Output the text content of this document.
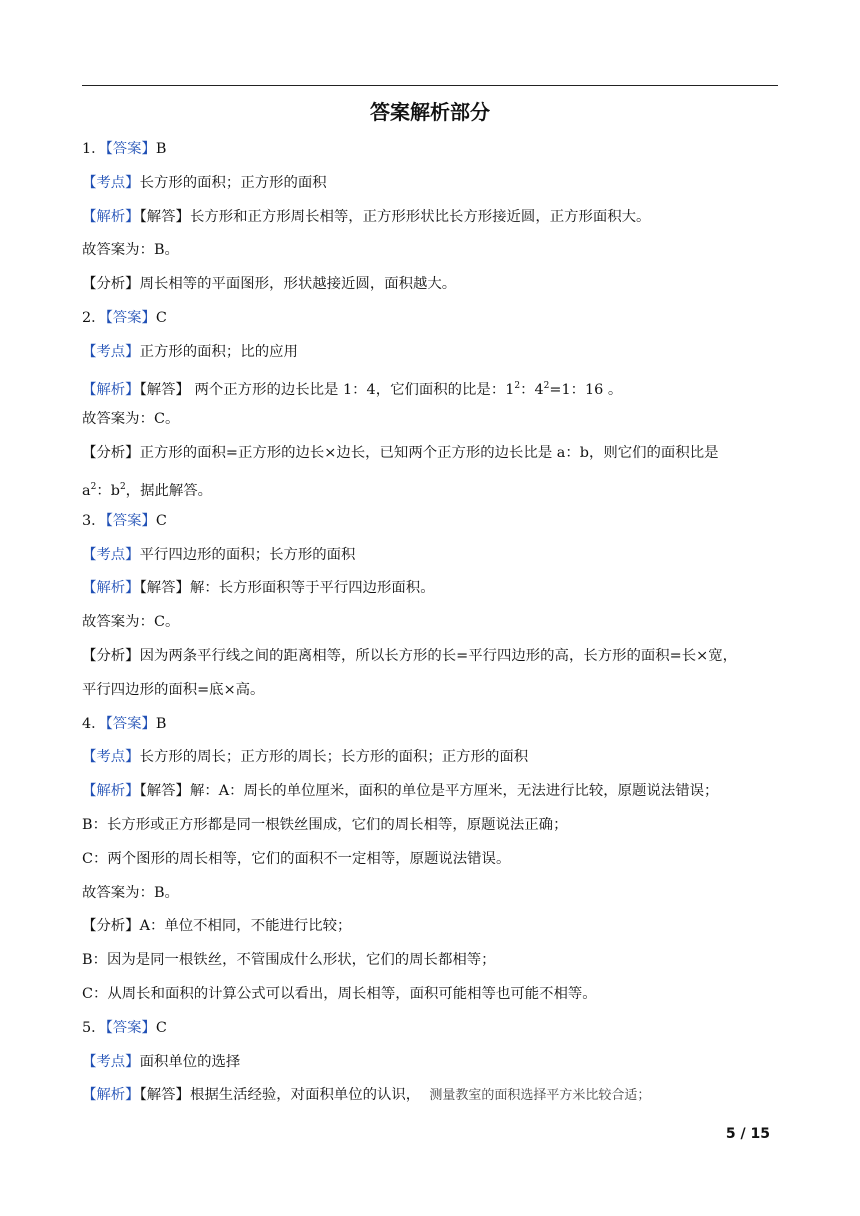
答案解析部分
1．【答案】B
【考点】长方形的面积；正方形的面积
【解析】【解答】长方形和正方形周长相等，正方形形状比长方形接近圆，正方形面积大。
故答案为：B。
【分析】周长相等的平面图形，形状越接近圆，面积越大。
2．【答案】C
【考点】正方形的面积；比的应用
【解析】【解答】 两个正方形的边长比是 1：4，它们面积的比是：$1^2$：$4^2=1$：16 。
故答案为：C。
【分析】正方形的面积=正方形的边长×边长，已知两个正方形的边长比是 a：b，则它们的面积比是
$a^2$：$b^2$，据此解答。
3．【答案】C
【考点】平行四边形的面积；长方形的面积
【解析】【解答】解：长方形面积等于平行四边形面积。
故答案为：C。
【分析】因为两条平行线之间的距离相等，所以长方形的长=平行四边形的高，长方形的面积=长×宽，
平行四边形的面积=底×高。
4．【答案】B
【考点】长方形的周长；正方形的周长；长方形的面积；正方形的面积
【解析】【解答】解：A：周长的单位厘米，面积的单位是平方厘米，无法进行比较，原题说法错误；
B：长方形或正方形都是同一根铁丝围成，它们的周长相等，原题说法正确；
C：两个图形的周长相等，它们的面积不一定相等，原题说法错误。
故答案为：B。
【分析】A：单位不相同，不能进行比较；
B：因为是同一根铁丝，不管围成什么形状，它们的周长都相等；
C：从周长和面积的计算公式可以看出，周长相等，面积可能相等也可能不相等。
5．【答案】C
【考点】面积单位的选择
【解析】【解答】根据生活经验，对面积单位的认识， 测量教室的面积选择平方米比较合适；
5 / 15
